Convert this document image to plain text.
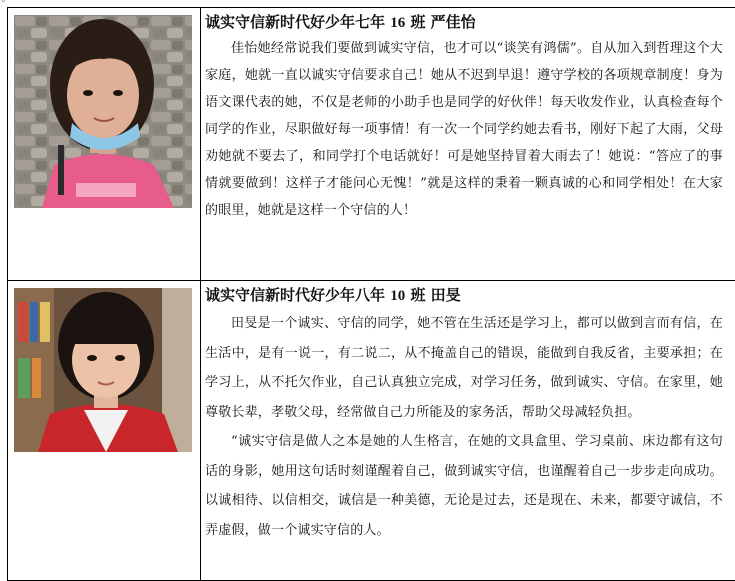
°

诚实守信新时代好少年七年 16 班 严佳怡

佳怡她经常说我们要做到诚实守信，也才可以“谈笑有鸿儒”。自从加入到哲理这个大家庭，她就一直以诚实守信要求自己！她从不迟到早退！遵守学校的各项规章制度！身为语文课代表的她，不仅是老师的小助手也是同学的好伙伴！每天收发作业，认真检查每个同学的作业，尽职做好每一项事情！有一次一个同学约她去看书，刚好下起了大雨，父母劝她就不要去了，和同学打个电话就好！可是她坚持冒着大雨去了！她说：“答应了的事情就要做到！这样子才能问心无愧！”就是这样的秉着一颗真诚的心和同学相处！在大家的眼里，她就是这样一个守信的人！

诚实守信新时代好少年八年 10 班 田旻

田旻是一个诚实、守信的同学，她不管在生活还是学习上，都可以做到言而有信，在生活中，是有一说一，有二说二，从不掩盖自己的错误，能做到自我反省，主要承担；在学习上，从不托欠作业，自己认真独立完成，对学习任务，做到诚实、守信。在家里，她尊敬长辈，孝敬父母，经常做自己力所能及的家务活，帮助父母减轻负担。

“诚实守信是做人之本是她的人生格言，在她的文具盒里、学习桌前、床边都有这句话的身影，她用这句话时刻谨醒着自己，做到诚实守信，也谨醒着自己一步步走向成功。以诚相待、以信相交，诚信是一种美德，无论是过去，还是现在、未来，都要守诚信，不弄虚假，做一个诚实守信的人。
